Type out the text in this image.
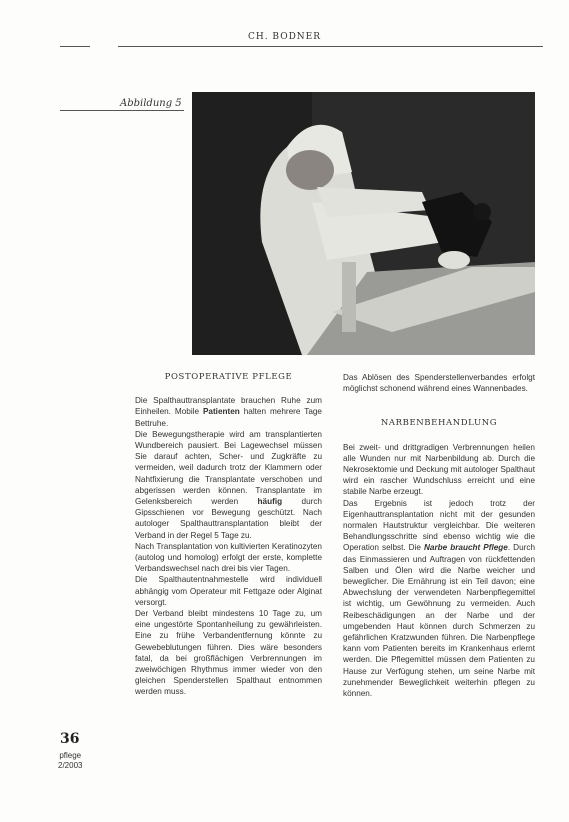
CH. BODNER
Abbildung 5
POSTOPERATIVE PFLEGE

Die Spalthauttransplantate brauchen Ruhe zum Einheilen. Mobile Patienten halten mehrere Tage Bettruhe.

Die Bewegungstherapie wird am transplantierten Wundbereich pausiert. Bei Lagewechsel müssen Sie darauf achten, Scher- und Zugkräfte zu vermeiden, weil dadurch trotz der Klammern oder Nahtfixierung die Transplantate verschoben und abgerissen werden können. Transplantate im Gelenksbereich werden häufig durch Gipsschienen vor Bewegung geschützt. Nach autologer Spalthauttransplantation bleibt der Verband in der Regel 5 Tage zu.

Nach Transplantation von kultivierten Keratinozyten (autolog und homolog) erfolgt der erste, komplette Verbandswechsel nach drei bis vier Tagen.

Die Spalthautentnahmestelle wird individuell abhängig vom Operateur mit Fettgaze oder Alginat versorgt.

Der Verband bleibt mindestens 10 Tage zu, um eine ungestörte Spontanheilung zu gewährleisten. Eine zu frühe Verbandentfernung könnte zu Gewebeblutungen führen. Dies wäre besonders fatal, da bei großflächigen Verbrennungen im zweiwöchigen Rhythmus immer wieder von den gleichen Spenderstellen Spalthaut entnommen werden muss.

Das Ablösen des Spenderstellenverbandes erfolgt möglichst schonend während eines Wannenbades.

NARBENBEHANDLUNG

Bei zweit- und drittgradigen Verbrennungen heilen alle Wunden nur mit Narbenbildung ab. Durch die Nekrosektomie und Deckung mit autologer Spalthaut wird ein rascher Wundschluss erreicht und eine stabile Narbe erzeugt.

Das Ergebnis ist jedoch trotz der Eigenhauttransplantation nicht mit der gesunden normalen Hautstruktur vergleichbar. Die weiteren Behandlungsschritte sind ebenso wichtig wie die Operation selbst. Die Narbe braucht Pflege. Durch das Einmassieren und Auftragen von rückfettenden Salben und Ölen wird die Narbe weicher und beweglicher. Die Ernährung ist ein Teil davon; eine Abwechslung der verwendeten Narbenpflegemittel ist wichtig, um Gewöhnung zu vermeiden. Auch Reibeschädigungen an der Narbe und der umgebenden Haut können durch Schmerzen zu gefährlichen Kratzwunden führen. Die Narbenpflege kann vom Patienten bereits im Krankenhaus erlernt werden. Die Pflegemittel müssen dem Patienten zu Hause zur Verfügung stehen, um seine Narbe mit zunehmender Beweglichkeit weiterhin pflegen zu können.

36
pflege
2/2003
